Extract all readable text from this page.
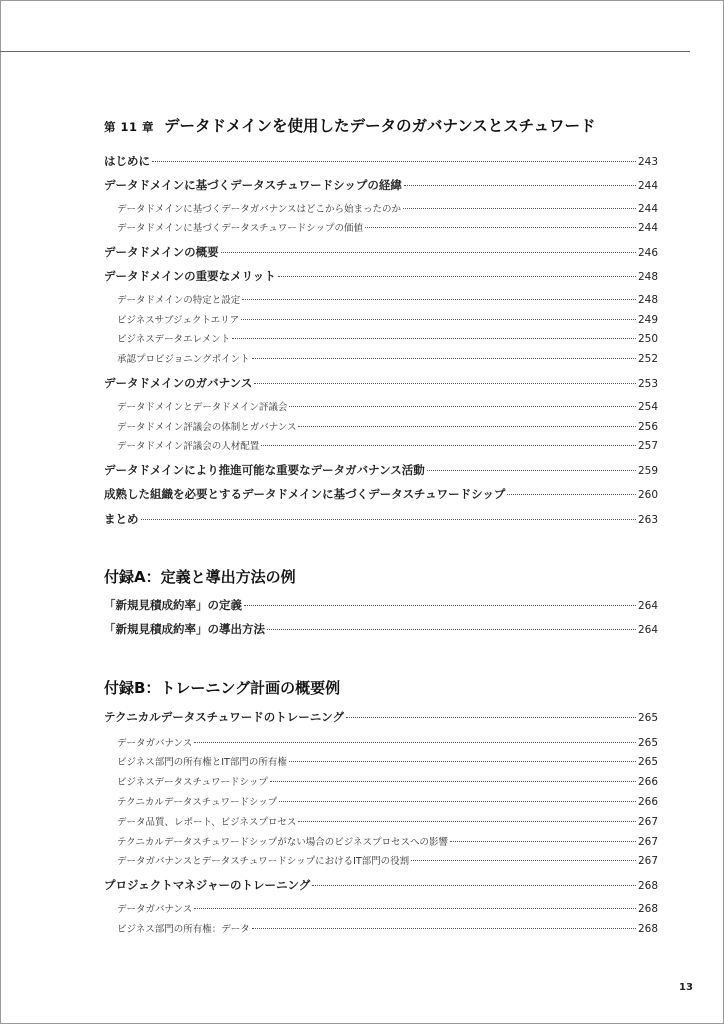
第 11 章 データドメインを使用したデータのガバナンスとスチュワード
はじめに	243
データドメインに基づくデータスチュワードシップの経緯	244
データドメインに基づくデータガバナンスはどこから始まったのか	244
データドメインに基づくデータスチュワードシップの価値	244
データドメインの概要	246
データドメインの重要なメリット	248
データドメインの特定と設定	248
ビジネスサブジェクトエリア	249
ビジネスデータエレメント	250
承認プロビジョニングポイント	252
データドメインのガバナンス	253
データドメインとデータドメイン評議会	254
データドメイン評議会の体制とガバナンス	256
データドメイン評議会の人材配置	257
データドメインにより推進可能な重要なデータガバナンス活動	259
成熟した組織を必要とするデータドメインに基づくデータスチュワードシップ	260
まとめ	263
付録A：定義と導出方法の例
「新規見積成約率」の定義	264
「新規見積成約率」の導出方法	264
付録B：トレーニング計画の概要例
テクニカルデータスチュワードのトレーニング	265
データガバナンス	265
ビジネス部門の所有権とIT部門の所有権	265
ビジネスデータスチュワードシップ	266
テクニカルデータスチュワードシップ	266
データ品質、レポート、ビジネスプロセス	267
テクニカルデータスチュワードシップがない場合のビジネスプロセスへの影響	267
データガバナンスとデータスチュワードシップにおけるIT部門の役割	267
プロジェクトマネジャーのトレーニング	268
データガバナンス	268
ビジネス部門の所有権：データ	268
13
